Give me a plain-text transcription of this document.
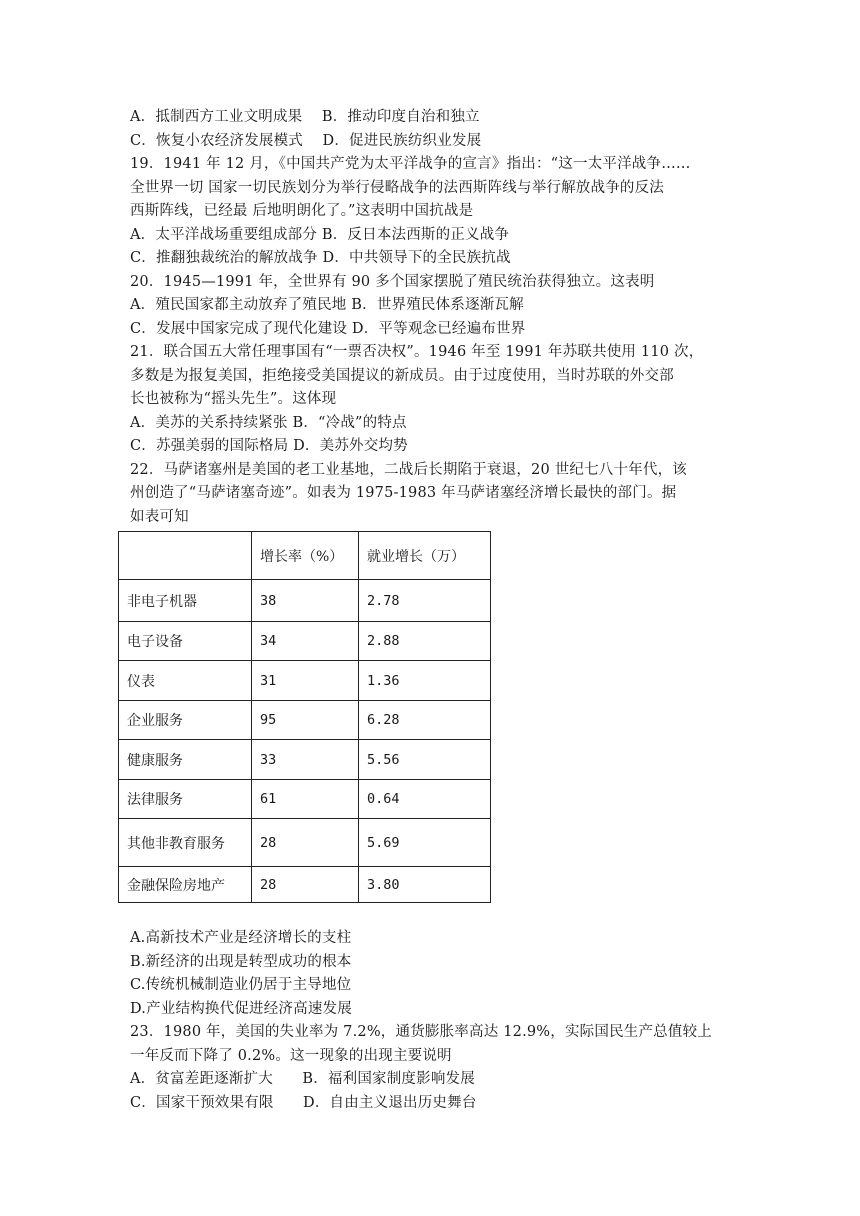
A．抵制西方工业文明成果　 B．推动印度自治和独立
C．恢复小农经济发展模式　 D．促进民族纺织业发展
19．1941 年 12 月，《中国共产党为太平洋战争的宣言》指出：“这一太平洋战争……
全世界一切 国家一切民族划分为举行侵略战争的法西斯阵线与举行解放战争的反法
西斯阵线，已经最 后地明朗化了。”这表明中国抗战是
A．太平洋战场重要组成部分 B．反日本法西斯的正义战争
C．推翻独裁统治的解放战争 D．中共领导下的全民族抗战
20．1945—1991 年，全世界有 90 多个国家摆脱了殖民统治获得独立。这表明
A．殖民国家都主动放弃了殖民地 B．世界殖民体系逐渐瓦解
C．发展中国家完成了现代化建设 D．平等观念已经遍布世界
21．联合国五大常任理事国有“一票否决权”。1946 年至 1991 年苏联共使用 110 次，
多数是为报复美国，拒绝接受美国提议的新成员。由于过度使用，当时苏联的外交部
长也被称为“摇头先生”。这体现
A．美苏的关系持续紧张 B．“冷战”的特点
C．苏强美弱的国际格局 D．美苏外交均势
22．马萨诸塞州是美国的老工业基地，二战后长期陷于衰退，20 世纪七八十年代，该
州创造了“马萨诸塞奇迹”。如表为 1975-1983 年马萨诸塞经济增长最快的部门。据
如表可知
	增长率（%）	就业增长（万）
非电子机器	38	2.78
电子设备	34	2.88
仪表	31	1.36
企业服务	95	6.28
健康服务	33	5.56
法律服务	61	0.64
其他非教育服务	28	5.69
金融保险房地产	28	3.80
A.高新技术产业是经济增长的支柱
B.新经济的出现是转型成功的根本
C.传统机械制造业仍居于主导地位
D.产业结构换代促进经济高速发展
23．1980 年，美国的失业率为 7.2%，通货膨胀率高达 12.9%，实际国民生产总值较上
一年反而下降了 0.2%。这一现象的出现主要说明
A．贫富差距逐渐扩大　　B．福利国家制度影响发展
C．国家干预效果有限　　D．自由主义退出历史舞台
